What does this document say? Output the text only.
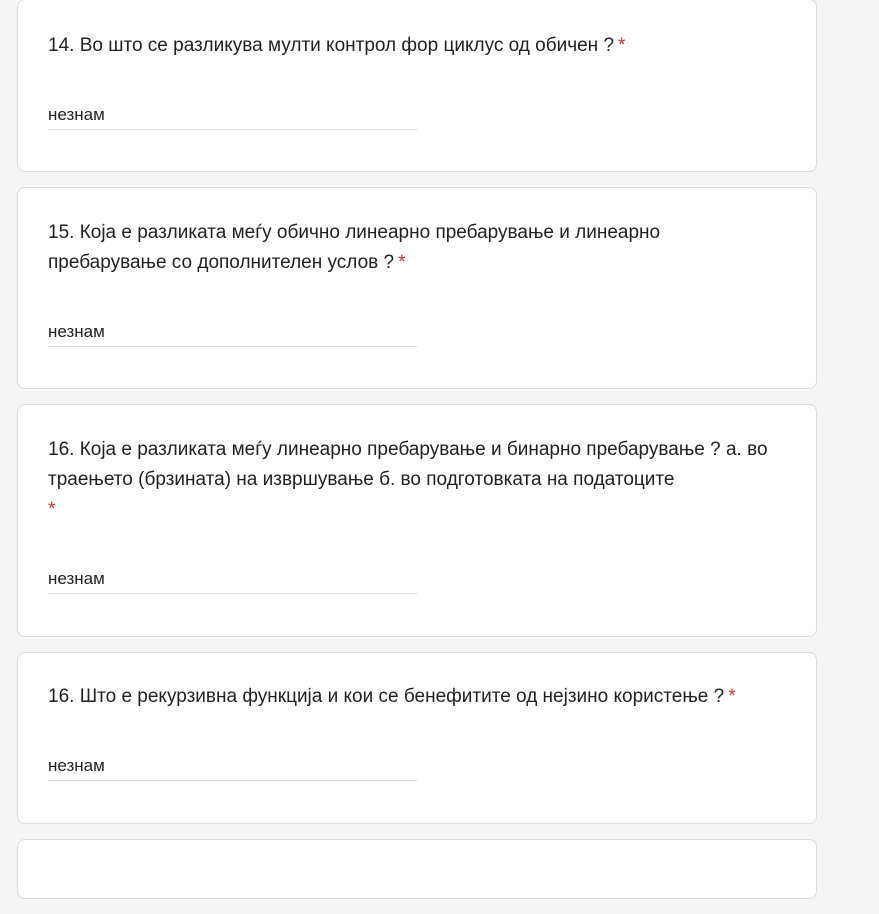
14. Во што се разликува мулти контрол фор циклус од обичен ? *

незнам

15. Која е разликата меѓу обично линеарно пребарување и линеарно пребарување со дополнителен услов ? *

незнам

16. Која е разликата меѓу линеарно пребарување и бинарно пребарување ? а. во траењето (брзината) на извршување б. во подготовката на податоците
*

незнам

16. Што е рекурзивна функција и кои се бенефитите од нејзино користење ? *

незнам
